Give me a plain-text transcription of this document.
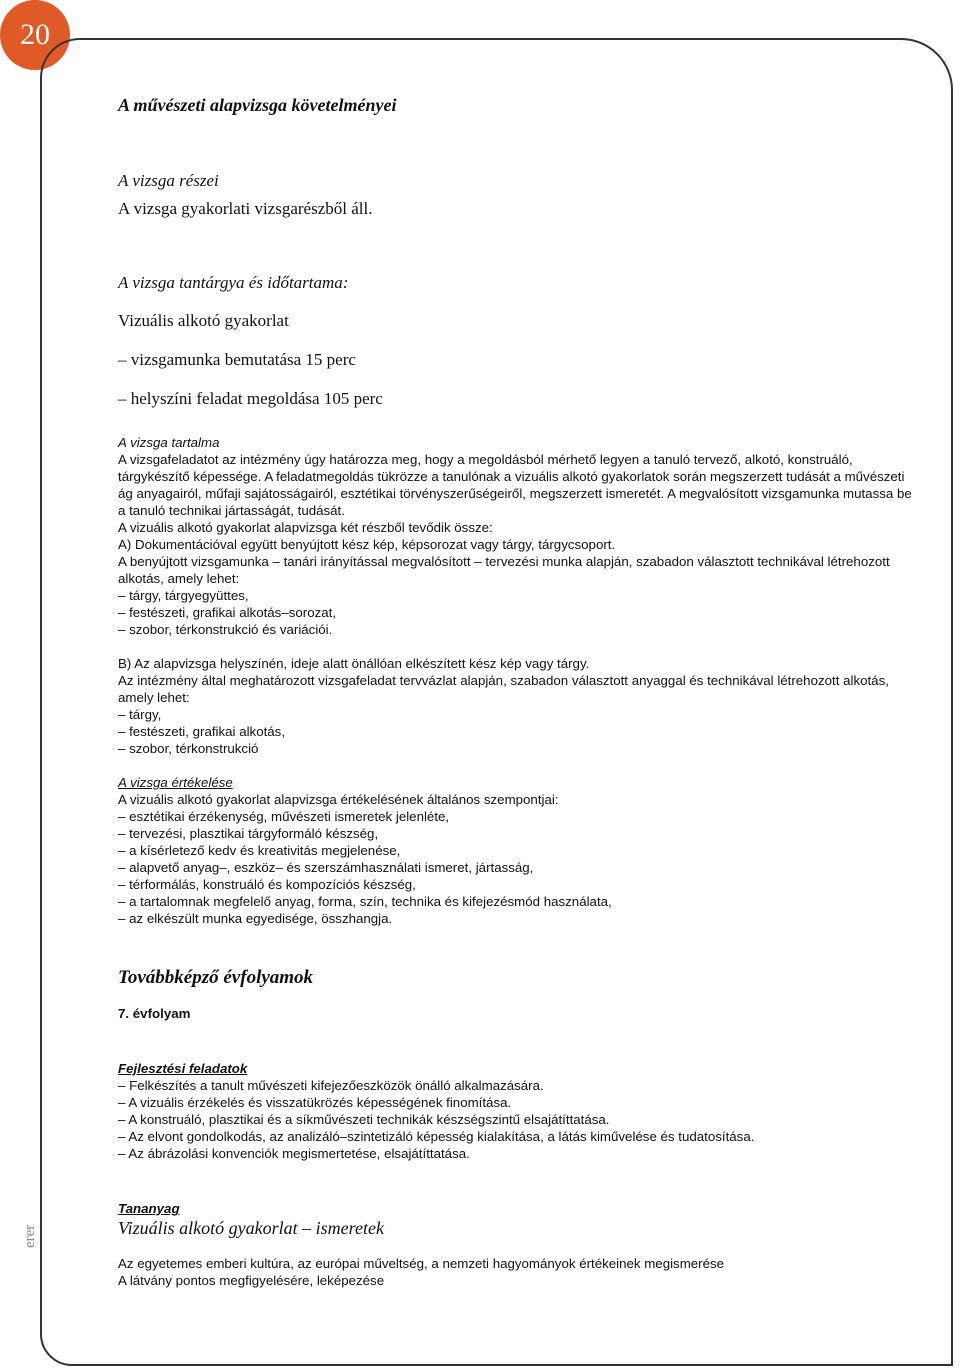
20
erer

A művészeti alapvizsga követelményei

A vizsga részei

A vizsga gyakorlati vizsgarészből áll.

A vizsga tantárgya és időtartama:

Vizuális alkotó gyakorlat

– vizsgamunka bemutatása 15 perc

– helyszíni feladat megoldása 105 perc

A vizsga tartalma

A vizsgafeladatot az intézmény úgy határozza meg, hogy a megoldásból mérhető legyen a tanuló tervező, alkotó, konstruáló, tárgykészítő képessége. A feladatmegoldás tükrözze a tanulónak a vizuális alkotó gyakorlatok során megszerzett tudását a művészeti ág anyagairól, műfaji sajátosságairól, esztétikai törvényszerűségeiről, megszerzett ismeretét. A megvalósított vizsgamunka mutassa be a tanuló technikai jártasságát, tudását.

A vizuális alkotó gyakorlat alapvizsga két részből tevődik össze:

A) Dokumentációval együtt benyújtott kész kép, képsorozat vagy tárgy, tárgycsoport.

A benyújtott vizsgamunka – tanári irányítással megvalósított – tervezési munka alapján, szabadon választott technikával létrehozott alkotás, amely lehet:

– tárgy, tárgyegyüttes,
– festészeti, grafikai alkotás–sorozat,
– szobor, térkonstrukció és variációi.

B) Az alapvizsga helyszínén, ideje alatt önállóan elkészített kész kép vagy tárgy.

Az intézmény által meghatározott vizsgafeladat tervvázlat alapján, szabadon választott anyaggal és technikával létrehozott alkotás, amely lehet:

– tárgy,
– festészeti, grafikai alkotás,
– szobor, térkonstrukció

A vizsga értékelése

A vizuális alkotó gyakorlat alapvizsga értékelésének általános szempontjai:

– esztétikai érzékenység, művészeti ismeretek jelenléte,
– tervezési, plasztikai tárgyformáló készség,
– a kísérletező kedv és kreativitás megjelenése,
– alapvető anyag–, eszköz– és szerszámhasználati ismeret, jártasság,
– térformálás, konstruáló és kompozíciós készség,
– a tartalomnak megfelelő anyag, forma, szín, technika és kifejezésmód használata,
– az elkészült munka egyedisége, összhangja.

Továbbképző évfolyamok

7. évfolyam

Fejlesztési feladatok

– Felkészítés a tanult művészeti kifejezőeszközök önálló alkalmazására.
– A vizuális érzékelés és visszatükrözés képességének finomítása.
– A konstruáló, plasztikai és a síkművészeti technikák készségszintű elsajátíttatása.
– Az elvont gondolkodás, az analizáló–szintetizáló képesség kialakítása, a látás kiművelése és tudatosítása.
– Az ábrázolási konvenciók megismertetése, elsajátíttatása.

Tananyag

Vizuális alkotó gyakorlat – ismeretek

Az egyetemes emberi kultúra, az európai műveltség, a nemzeti hagyományok értékeinek megismerése

A látvány pontos megfigyelésére, leképezése
